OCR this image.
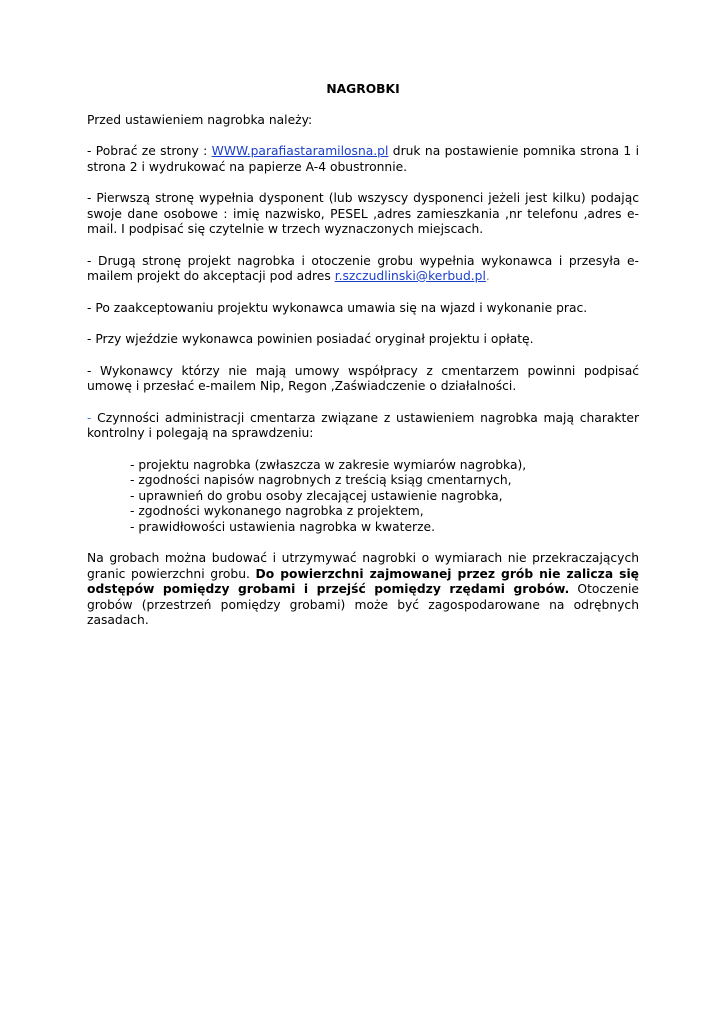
NAGROBKI

Przed ustawieniem nagrobka należy:

- Pobrać ze strony : WWW.parafiastaramilosna.pl druk na postawienie pomnika strona 1 i strona 2 i wydrukować na papierze A-4 obustronnie.

- Pierwszą stronę wypełnia dysponent (lub wszyscy dysponenci jeżeli jest kilku) podając swoje dane osobowe : imię nazwisko, PESEL ,adres zamieszkania ,nr telefonu ,adres e-mail. I podpisać się czytelnie w trzech wyznaczonych miejscach.

- Drugą stronę projekt nagrobka i otoczenie grobu wypełnia wykonawca i przesyła e-mailem projekt do akceptacji pod adres r.szczudlinski@kerbud.pl.

- Po zaakceptowaniu projektu wykonawca umawia się na wjazd i wykonanie prac.

- Przy wjeździe wykonawca powinien posiadać oryginał projektu i opłatę.

- Wykonawcy którzy nie mają umowy współpracy z cmentarzem powinni podpisać umowę i przesłać e-mailem Nip, Regon ,Zaświadczenie o działalności.

- Czynności administracji cmentarza związane z ustawieniem nagrobka mają charakter kontrolny i polegają na sprawdzeniu:

- projektu nagrobka (zwłaszcza w zakresie wymiarów nagrobka),
- zgodności napisów nagrobnych z treścią ksiąg cmentarnych,
- uprawnień do grobu osoby zlecającej ustawienie nagrobka,
- zgodności wykonanego nagrobka z projektem,
- prawidłowości ustawienia nagrobka w kwaterze.

Na grobach można budować i utrzymywać nagrobki o wymiarach nie przekraczających granic powierzchni grobu. Do powierzchni zajmowanej przez grób nie zalicza się odstępów pomiędzy grobami i przejść pomiędzy rzędami grobów. Otoczenie grobów (przestrzeń pomiędzy grobami) może być zagospodarowane na odrębnych zasadach.
